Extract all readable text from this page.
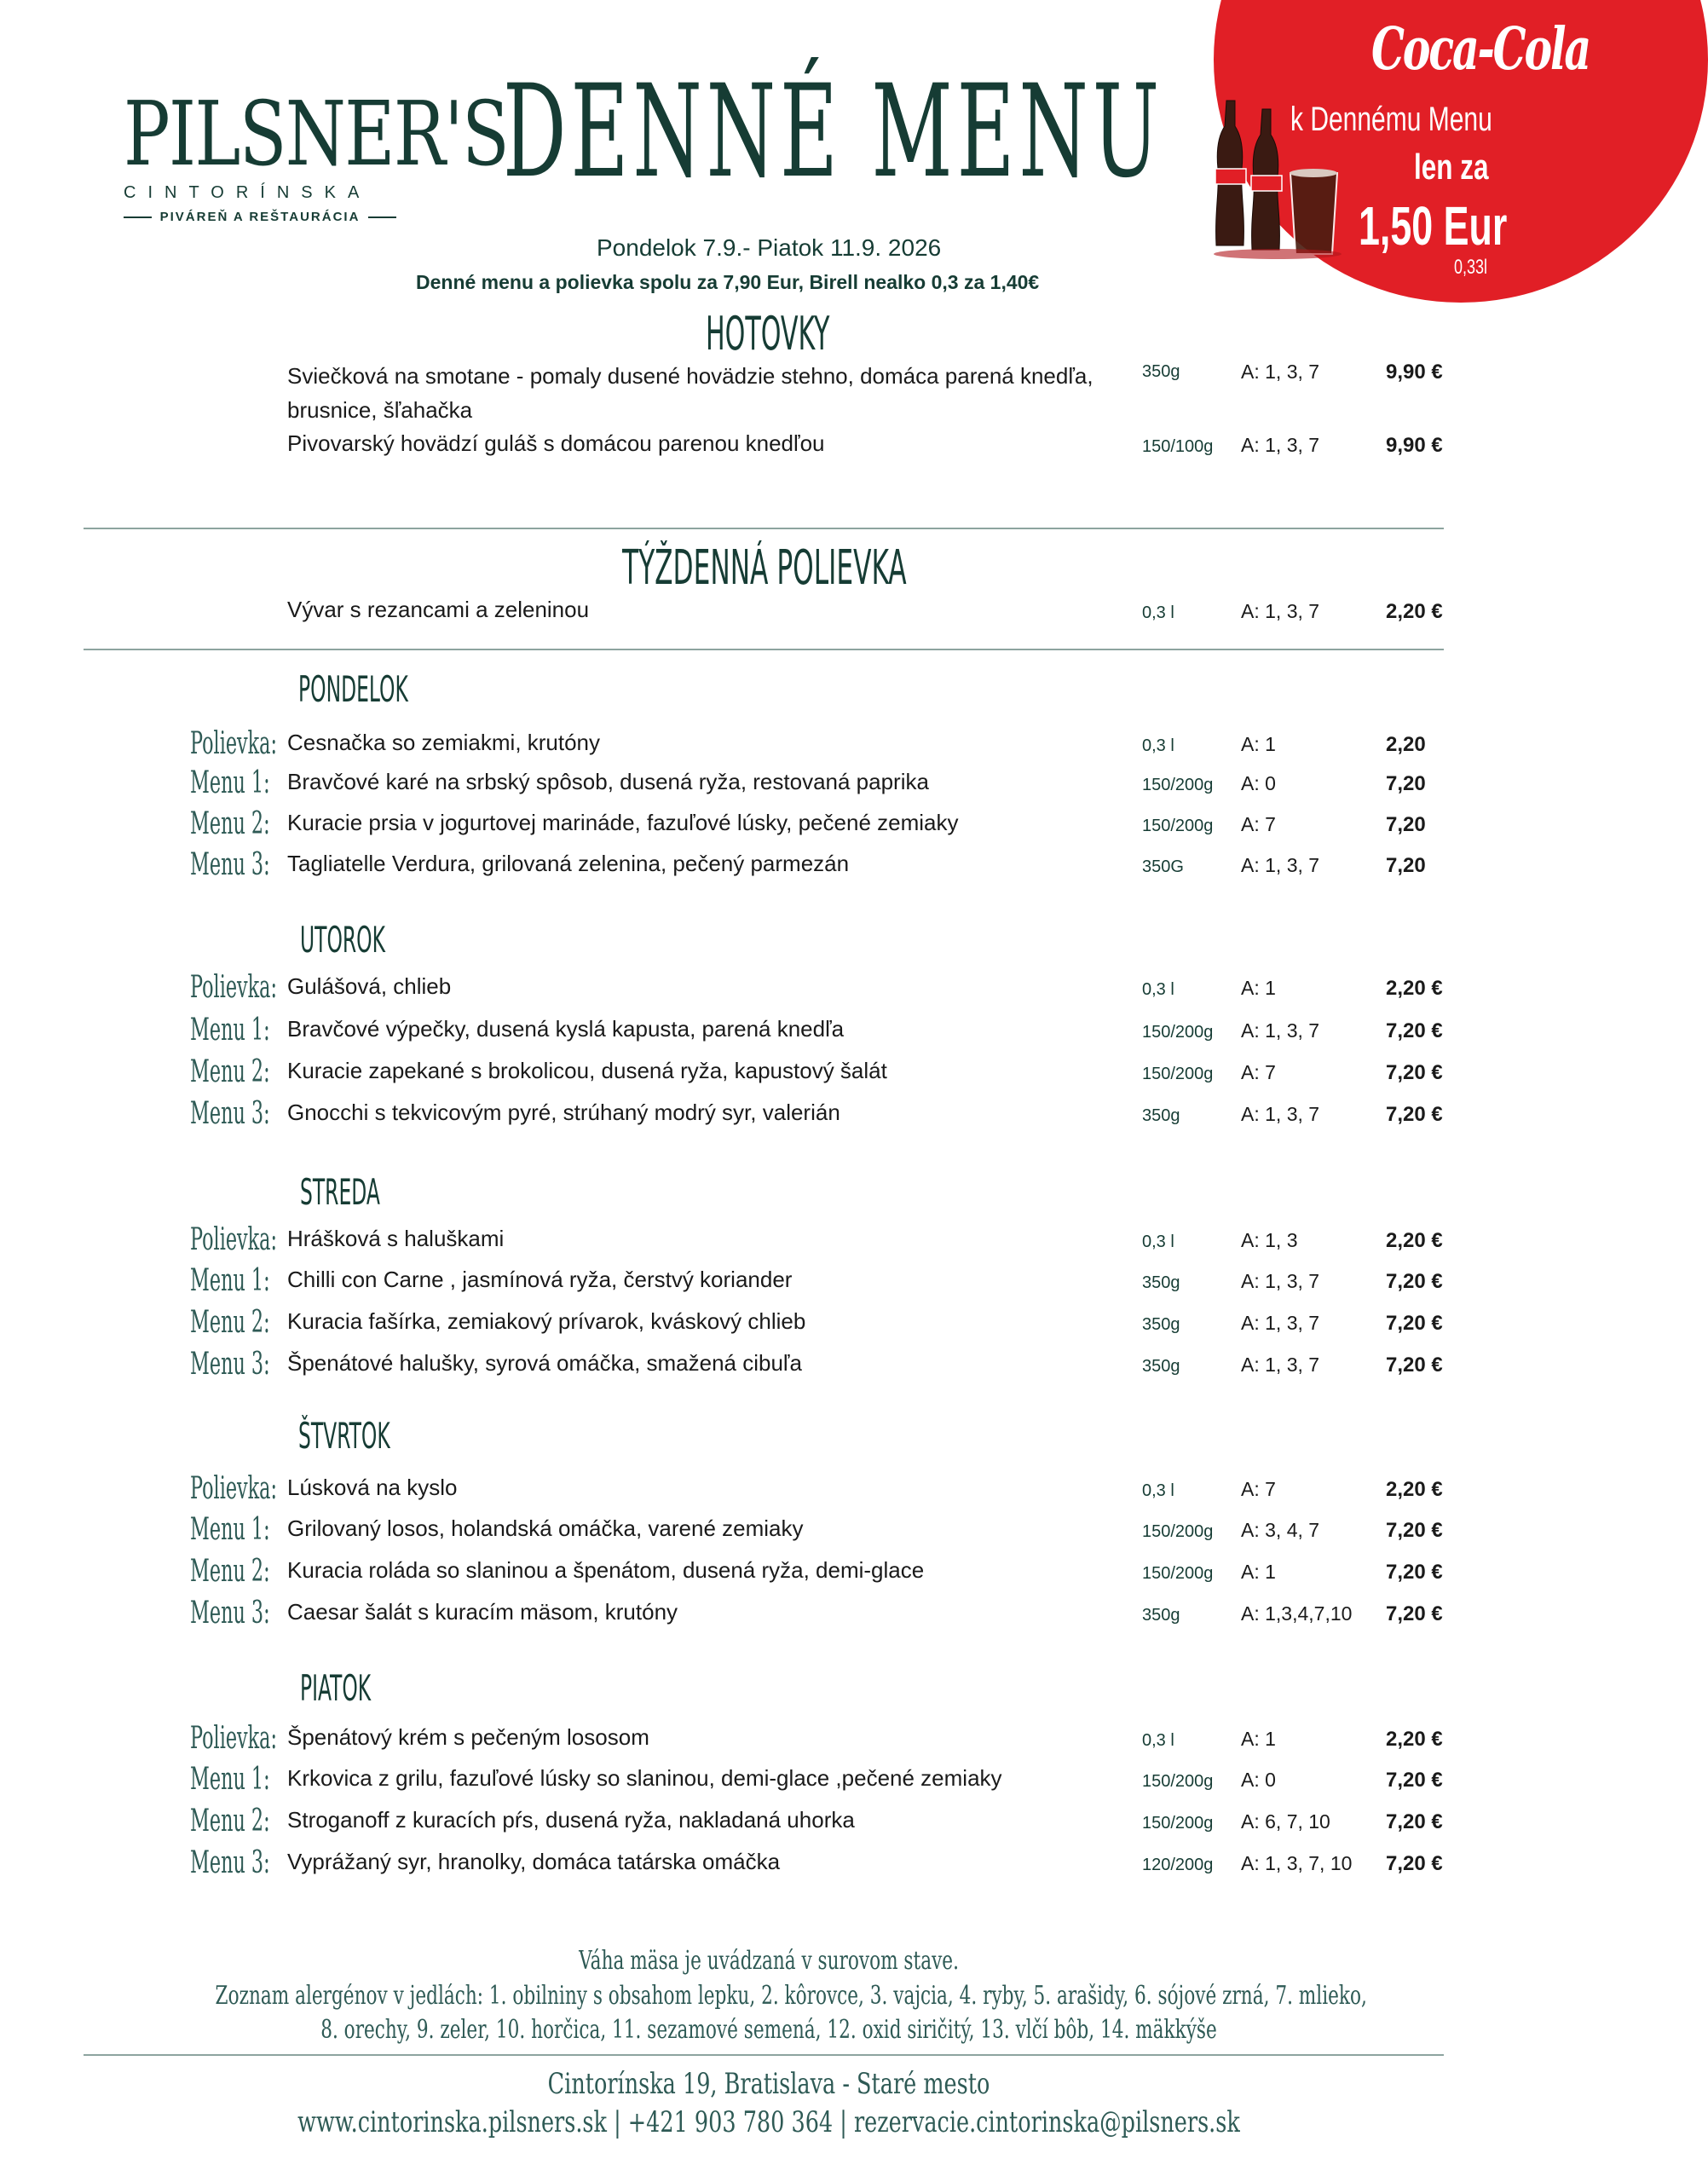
PILSNER'S
CINTORÍNSKA
PIVÁREŇ A REŠTAURÁCIA
DENNÉ MENU
Pondelok 7.9.- Piatok 11.9. 2026
Denné menu a polievka spolu za 7,90 Eur, Birell nealko 0,3 za 1,40€
Coca-Cola
k Dennému Menu
len za
1,50 Eur
0,33l
HOTOVKY
Sviečková na smotane - pomaly dusené hovädzie stehno, domáca parená knedľa, brusnice, šľahačka
350g	A: 1, 3, 7	9,90 €
Pivovarský hovädzí guláš s domácou parenou knedľou	150/100g A: 1, 3, 7	9,90 €
TÝŽDENNÁ POLIEVKA
Vývar s rezancami a zeleninou	0,3 l	A: 1, 3, 7	2,20 €
PONDELOK
Polievka: Cesnačka so zemiakmi, krutóny	0,3 l	A: 1	2,20
Menu 1: Bravčové karé na srbský spôsob, dusená ryža, restovaná paprika	150/200g A: 0	7,20
Menu 2: Kuracie prsia v jogurtovej marináde, fazuľové lúsky, pečené zemiaky	150/200g A: 7	7,20
Menu 3: Tagliatelle Verdura, grilovaná zelenina, pečený parmezán	350G	A: 1, 3, 7	7,20
UTOROK
Polievka: Gulášová, chlieb	0,3 l	A: 1	2,20 €
Menu 1: Bravčové výpečky, dusená kyslá kapusta, parená knedľa	150/200g A: 1, 3, 7	7,20 €
Menu 2: Kuracie zapekané s brokolicou, dusená ryža, kapustový šalát	150/200g A: 7	7,20 €
Menu 3: Gnocchi s tekvicovým pyré, strúhaný modrý syr, valerián	350g	A: 1, 3, 7	7,20 €
STREDA
Polievka: Hrášková s haluškami	0,3 l	A: 1, 3	2,20 €
Menu 1: Chilli con Carne , jasmínová ryža, čerstvý koriander	350g	A: 1, 3, 7	7,20 €
Menu 2: Kuracia fašírka, zemiakový prívarok, kváskový chlieb	350g	A: 1, 3, 7	7,20 €
Menu 3: Špenátové halušky, syrová omáčka, smažená cibuľa	350g	A: 1, 3, 7	7,20 €
ŠTVRTOK
Polievka: Lúsková na kyslo	0,3 l	A: 7	2,20 €
Menu 1: Grilovaný losos, holandská omáčka, varené zemiaky	150/200g A: 3, 4, 7	7,20 €
Menu 2: Kuracia roláda so slaninou a špenátom, dusená ryža, demi-glace	150/200g A: 1	7,20 €
Menu 3: Caesar šalát s kuracím mäsom, krutóny	350g	A: 1,3,4,7,10 7,20 €
PIATOK
Polievka: Špenátový krém s pečeným lososom	0,3 l	A: 1	2,20 €
Menu 1: Krkovica z grilu, fazuľové lúsky so slaninou, demi-glace ,pečené zemiaky	150/200g A: 0	7,20 €
Menu 2: Stroganoff z kuracích pŕs, dusená ryža, nakladaná uhorka	150/200g A: 6, 7, 10	7,20 €
Menu 3: Vyprážaný syr, hranolky, domáca tatárska omáčka	120/200g A: 1, 3, 7, 10 7,20 €
Váha mäsa je uvádzaná v surovom stave.
Zoznam alergénov v jedlách: 1. obilniny s obsahom lepku, 2. kôrovce, 3. vajcia, 4. ryby, 5. arašidy, 6. sójové zrná, 7. mlieko,
8. orechy, 9. zeler, 10. horčica, 11. sezamové semená, 12. oxid siričitý, 13. vlčí bôb, 14. mäkkýše
Cintorínska 19, Bratislava - Staré mesto
www.cintorinska.pilsners.sk | +421 903 780 364 | rezervacie.cintorinska@pilsners.sk
